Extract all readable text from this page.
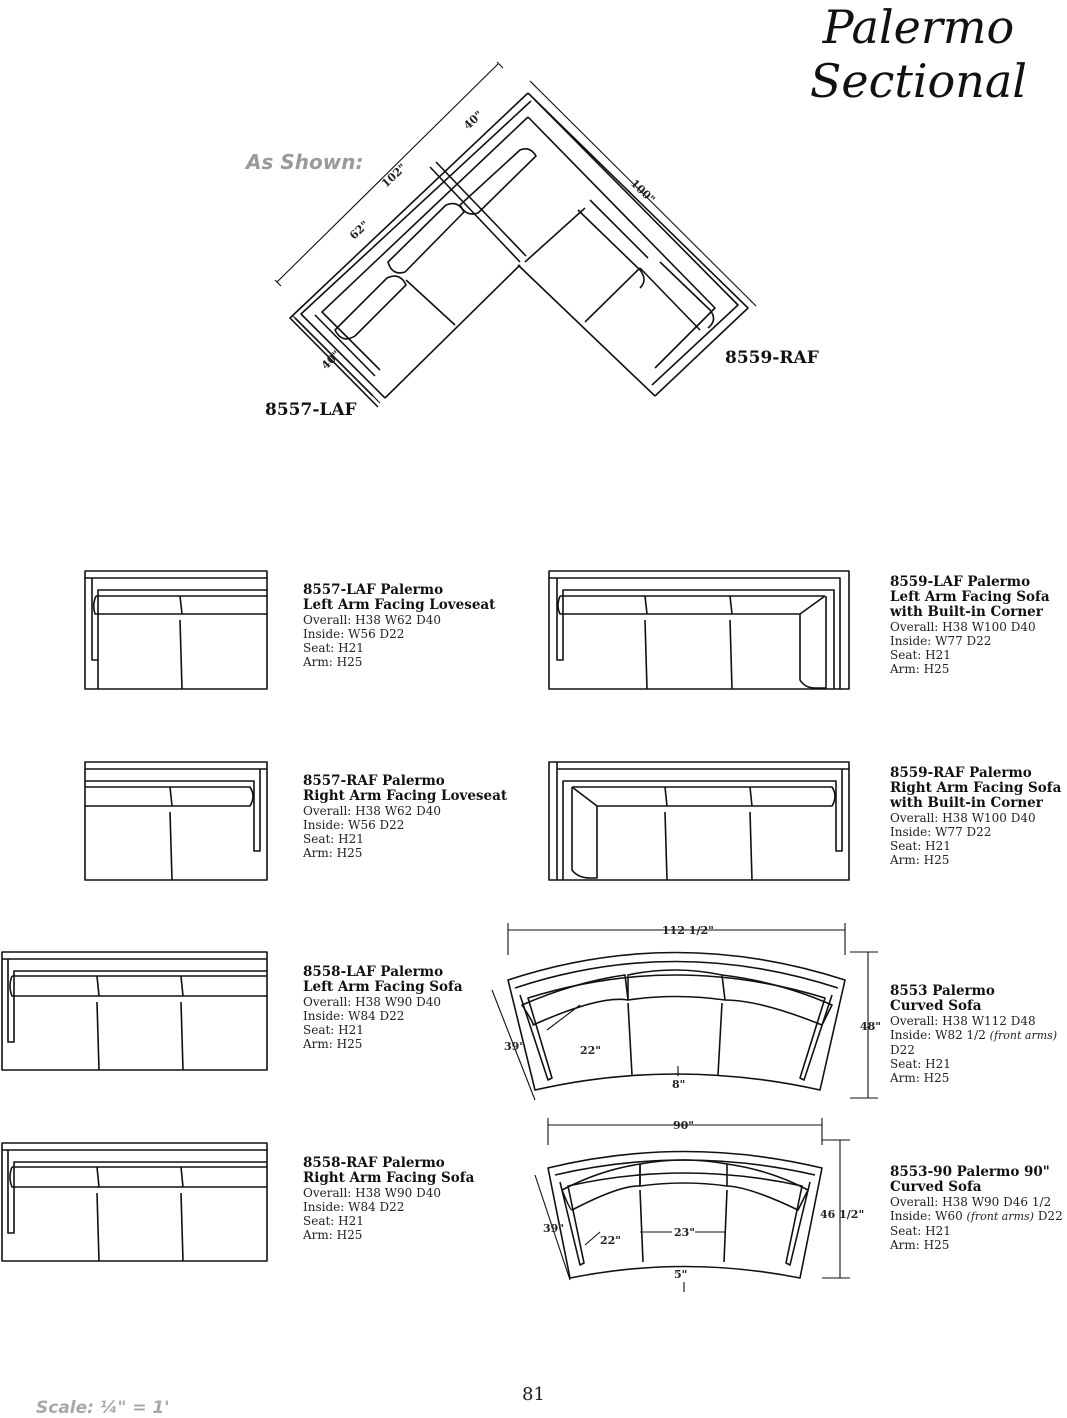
Palermo
Sectional
As Shown:
40"
102"
62"
40"
100"
112 1/2"
48"
39"	22"
8"
90"
46 1/2"
39"
22"
23"
5"
8559-RAF
8557-LAF
8557-LAF Palermo
Left Arm Facing Loveseat
Overall: H38 W62 D40
Inside: W56 D22
Seat: H21
Arm: H25
8559-LAF Palermo
Left Arm Facing Sofa
with Built-in Corner
Overall: H38 W100 D40
Inside: W77 D22
Seat: H21
Arm: H25
8557-RAF Palermo
Right Arm Facing Loveseat
Overall: H38 W62 D40
Inside: W56 D22
Seat: H21
Arm: H25
8559-RAF Palermo
Right Arm Facing Sofa
with Built-in Corner
Overall: H38 W100 D40
Inside: W77 D22
Seat: H21
Arm: H25
8558-LAF Palermo
Left Arm Facing Sofa
Overall: H38 W90 D40
Inside: W84 D22
Seat: H21
Arm: H25
8553 Palermo
Curved Sofa
Overall: H38 W112 D48
Inside: W82 1/2 (front arms) D22
Seat: H21
Arm: H25
8558-RAF Palermo
Right Arm Facing Sofa
Overall: H38 W90 D40
Inside: W84 D22
Seat: H21
Arm: H25
8553-90 Palermo 90"
Curved Sofa
Overall: H38 W90 D46 1/2
Inside: W60 (front arms) D22
Seat: H21
Arm: H25
81
Scale: ¼" = 1'
